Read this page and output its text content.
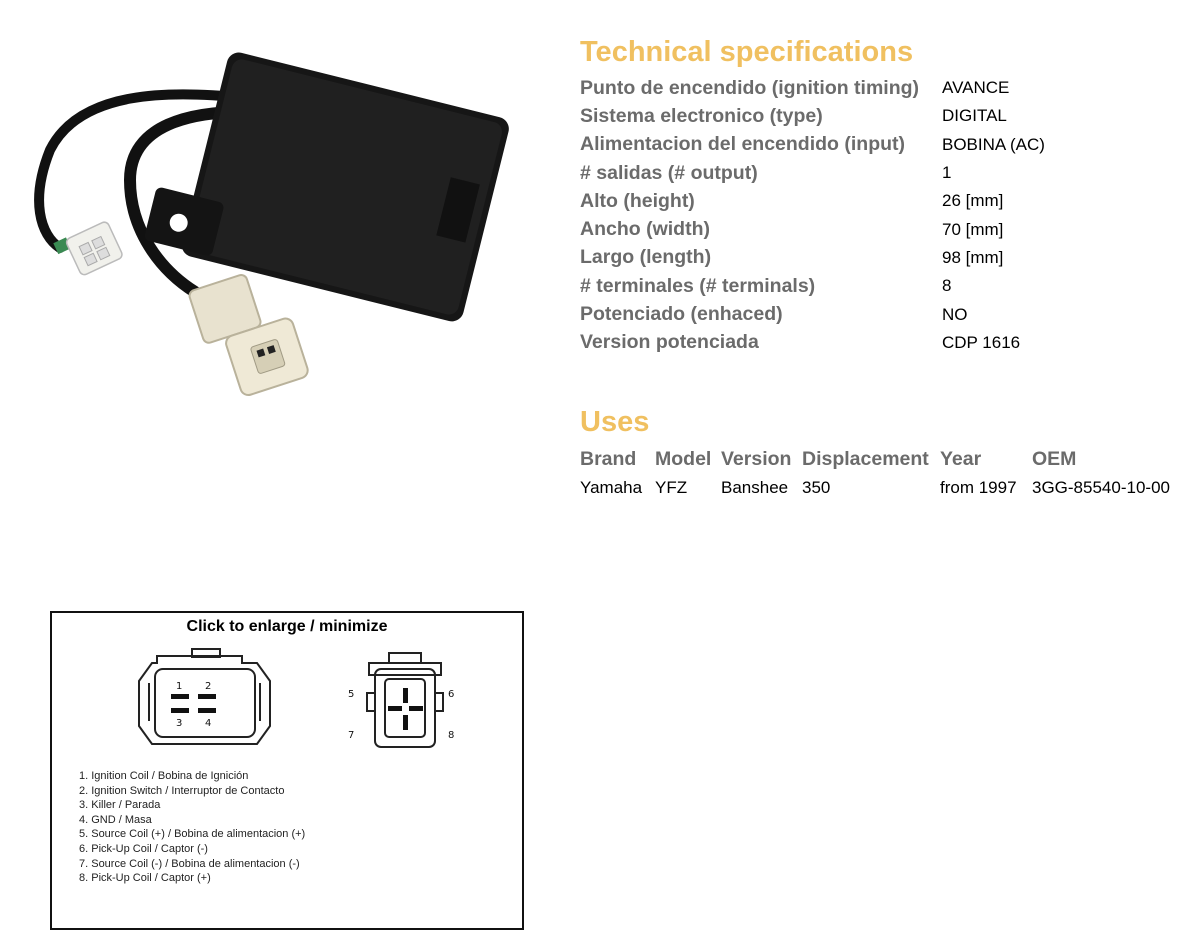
Technical specifications
Punto de encendido (ignition timing)	AVANCE
Sistema electronico (type)	DIGITAL
Alimentacion del encendido (input)	BOBINA (AC)
# salidas (# output)	1
Alto (height)	26 [mm]
Ancho (width)	70 [mm]
Largo (length)	98 [mm]
# terminales (# terminals)	8
Potenciado (enhaced)	NO
Version potenciada	CDP 1616
Uses
Brand	Model	Version	Displacement	Year	OEM
Yamaha	YFZ	Banshee	350	from 1997	3GG-85540-10-00
Click to enlarge / minimize
1 2
3 4
5	6
7	8
1. Ignition Coil / Bobina de Ignición
2. Ignition Switch / Interruptor de Contacto
3. Killer / Parada
4. GND / Masa
5. Source Coil (+) / Bobina de alimentacion (+)
6. Pick-Up Coil / Captor (-)
7. Source Coil (-) / Bobina de alimentacion (-)
8. Pick-Up Coil / Captor (+)
